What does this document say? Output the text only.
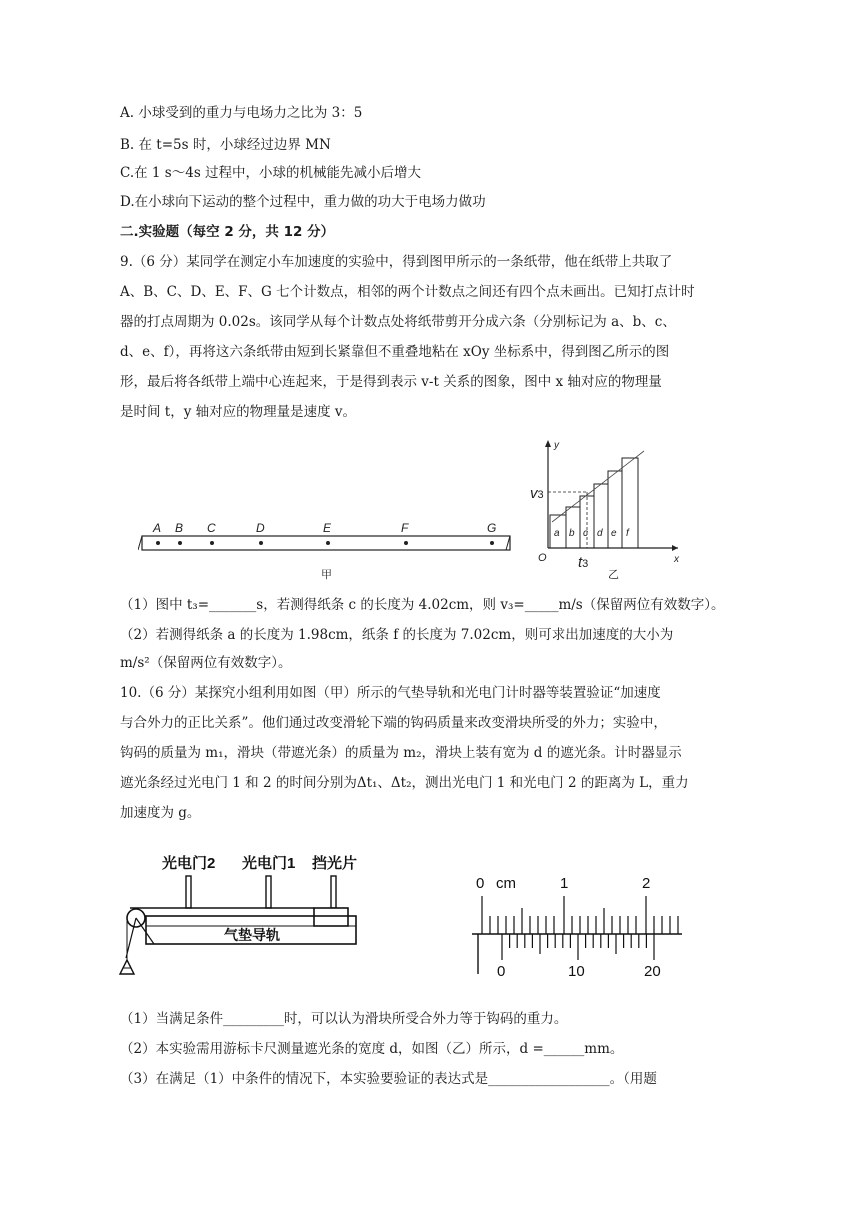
A. 小球受到的重力与电场力之比为 3：5
B. 在 t=5s 时，小球经过边界 MN
C.在 1 s～4s 过程中，小球的机械能先减小后增大
D.在小球向下运动的整个过程中，重力做的功大于电场力做功
二.实验题（每空 2 分，共 12 分）
9.（6 分）某同学在测定小车加速度的实验中，得到图甲所示的一条纸带，他在纸带上共取了
A、B、C、D、E、F、G 七个计数点，相邻的两个计数点之间还有四个点未画出。已知打点计时
器的打点周期为 0.02s。该同学从每个计数点处将纸带剪开分成六条（分别标记为 a、b、c、
d、e、f），再将这六条纸带由短到长紧靠但不重叠地粘在 xOy 坐标系中，得到图乙所示的图
形，最后将各纸带上端中心连起来，于是得到表示 v-t 关系的图象，图中 x 轴对应的物理量
是时间 t，y 轴对应的物理量是速度 v。
A B C	D	E	F	G
甲
y
x
O
a b c d e f
v3
t3
乙
（1）图中 t₃=_______s，若测得纸条 c 的长度为 4.02cm，则 v₃=_____m/s（保留两位有效数字）。
（2）若测得纸条 a 的长度为 1.98cm，纸条 f 的长度为 7.02cm，则可求出加速度的大小为
m/s²（保留两位有效数字）。
10.（6 分）某探究小组利用如图（甲）所示的气垫导轨和光电门计时器等装置验证“加速度
与合外力的正比关系”。他们通过改变滑轮下端的钩码质量来改变滑块所受的外力；实验中，
钩码的质量为 m₁，滑块（带遮光条）的质量为 m₂，滑块上装有宽为 d 的遮光条。计时器显示
遮光条经过光电门 1 和 2 的时间分别为Δt₁、Δt₂，测出光电门 1 和光电门 2 的距离为 L，重力
加速度为 g。
光电门2 光电门1 挡光片
气垫导轨
0 cm	1	2
0	10	20
（1）当满足条件_________时，可以认为滑块所受合外力等于钩码的重力。
（2）本实验需用游标卡尺测量遮光条的宽度 d，如图（乙）所示，d =______mm。
（3）在满足（1）中条件的情况下，本实验要验证的表达式是__________________。（用题
